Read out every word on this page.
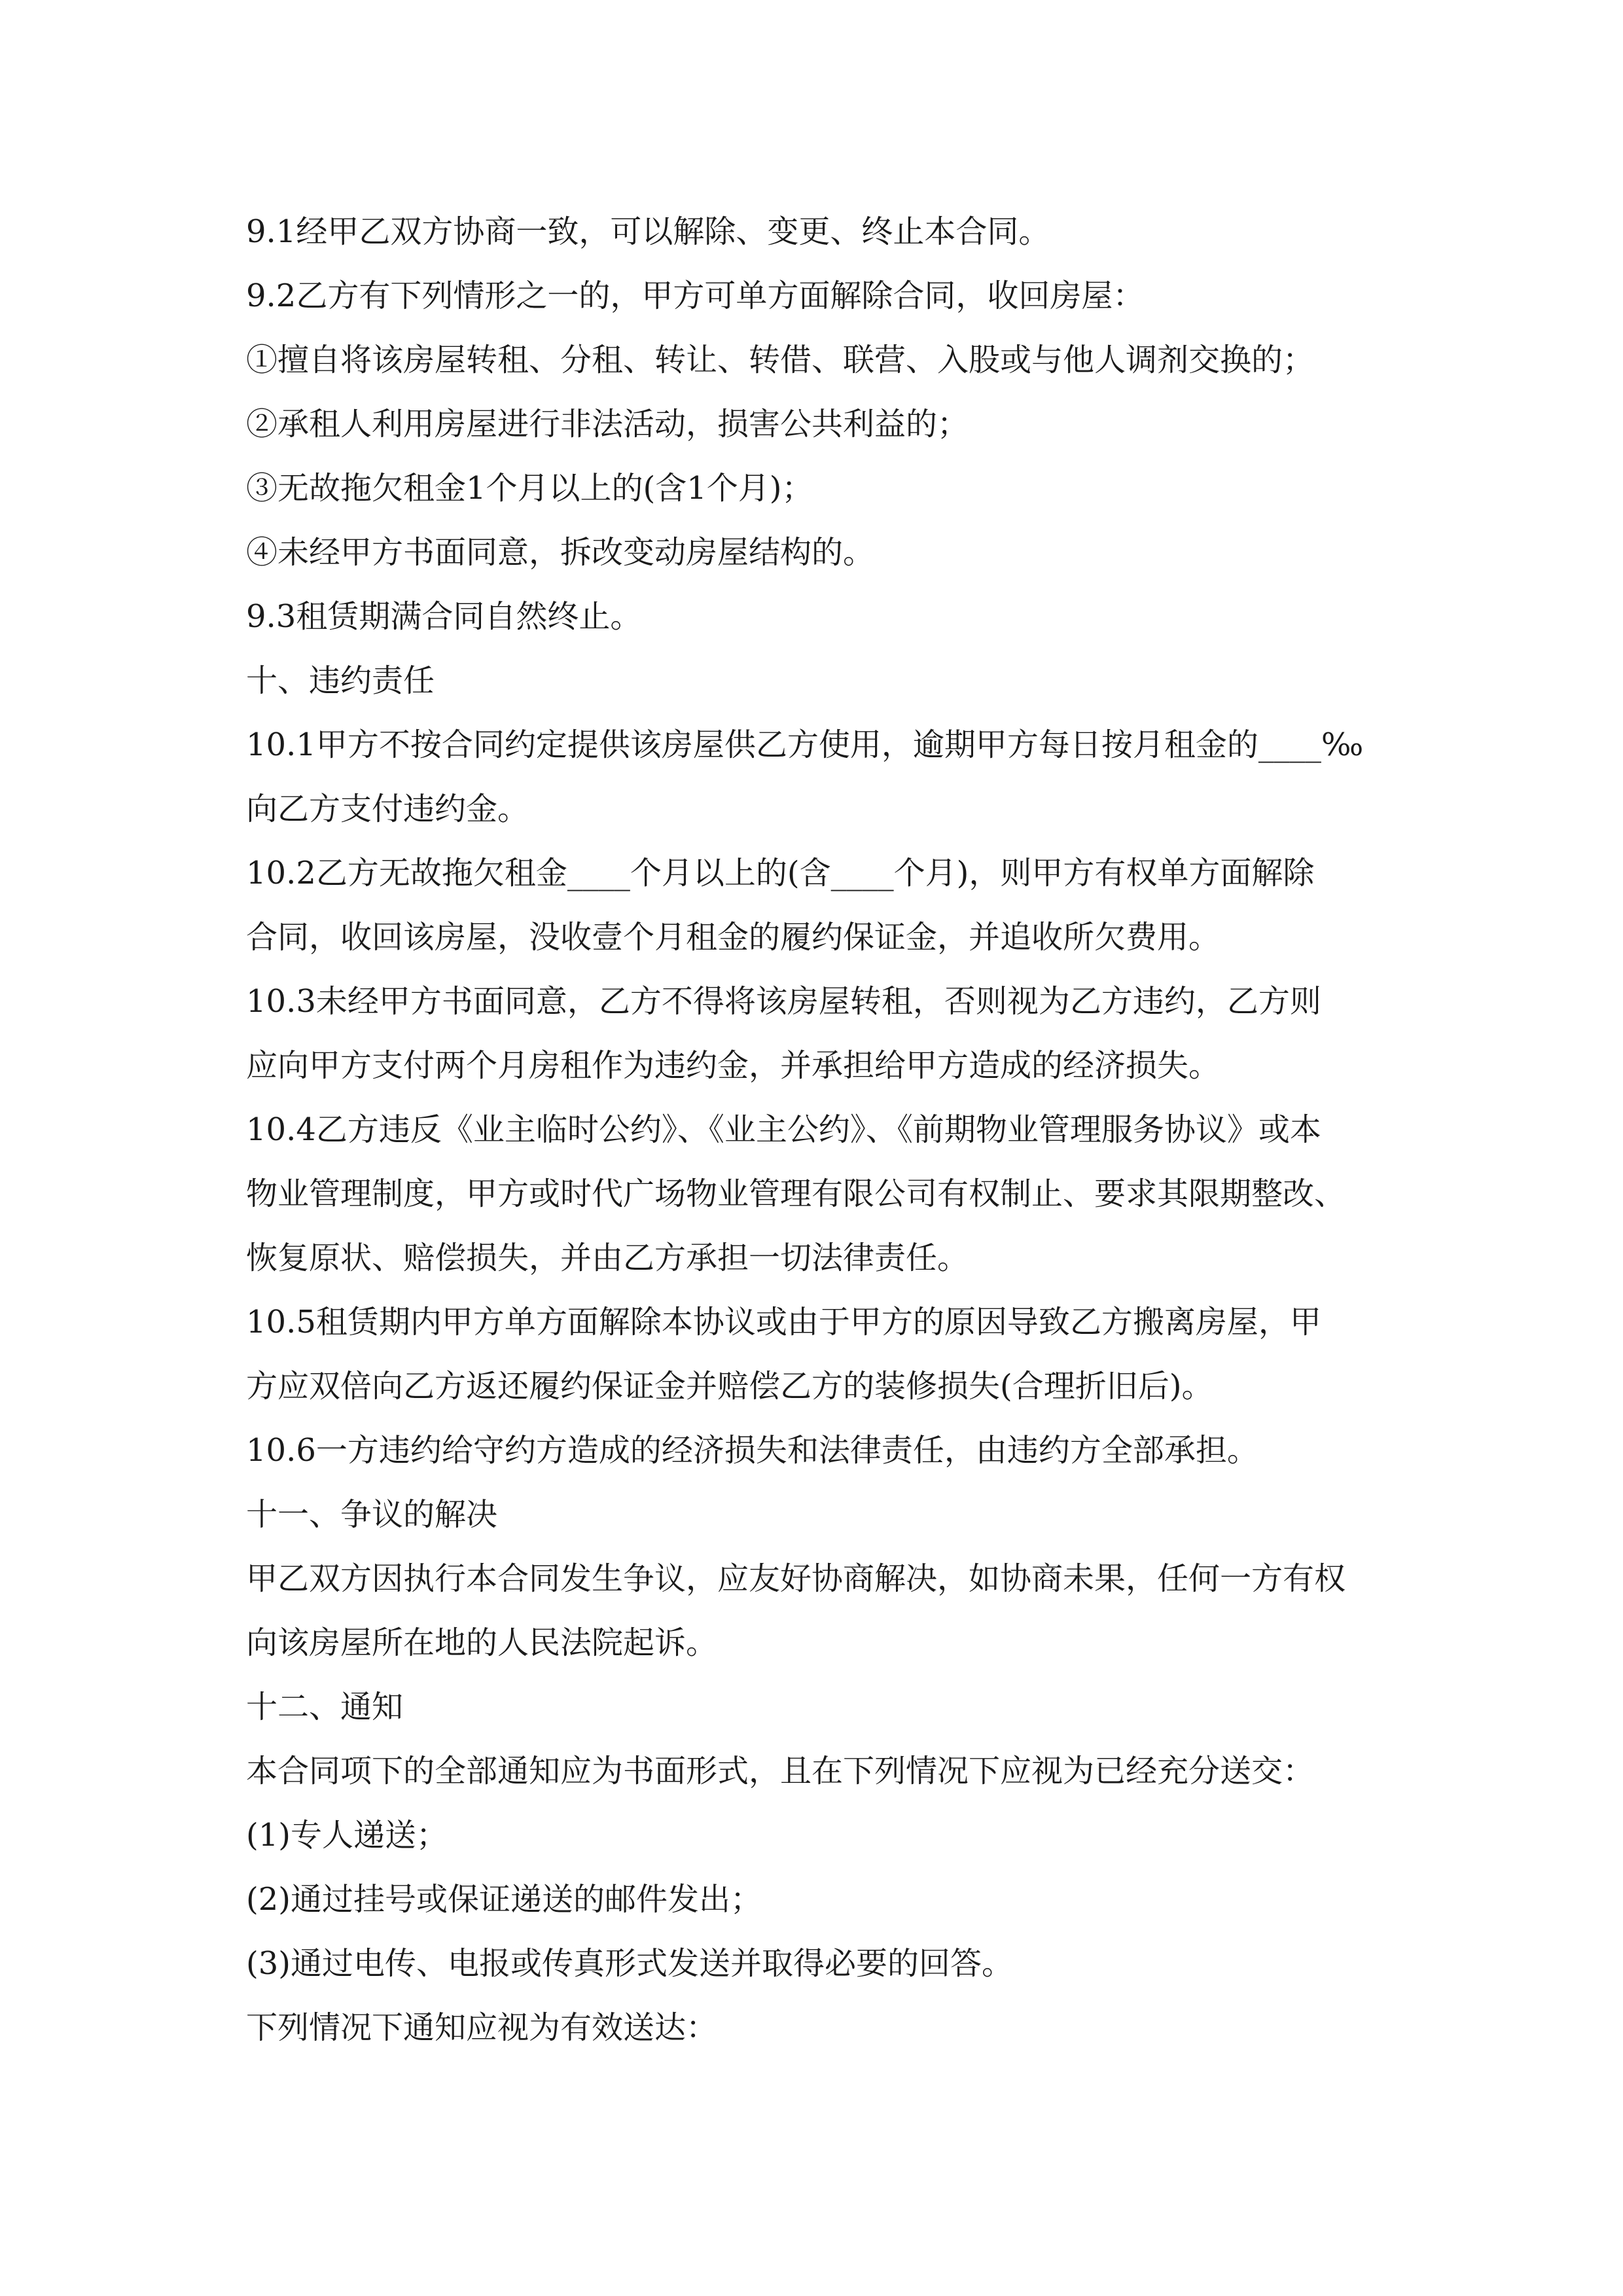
9.1经甲乙双方协商一致，可以解除、变更、终止本合同。

9.2乙方有下列情形之一的，甲方可单方面解除合同，收回房屋：

①擅自将该房屋转租、分租、转让、转借、联营、入股或与他人调剂交换的；

②承租人利用房屋进行非法活动，损害公共利益的；

③无故拖欠租金1个月以上的(含1个月)；

④未经甲方书面同意，拆改变动房屋结构的。

9.3租赁期满合同自然终止。

十、违约责任

10.1甲方不按合同约定提供该房屋供乙方使用，逾期甲方每日按月租金的____‰

向乙方支付违约金。

10.2乙方无故拖欠租金____个月以上的(含____个月)，则甲方有权单方面解除

合同，收回该房屋，没收壹个月租金的履约保证金，并追收所欠费用。

10.3未经甲方书面同意，乙方不得将该房屋转租，否则视为乙方违约，乙方则

应向甲方支付两个月房租作为违约金，并承担给甲方造成的经济损失。

10.4乙方违反《业主临时公约》、《业主公约》、《前期物业管理服务协议》或本

物业管理制度，甲方或时代广场物业管理有限公司有权制止、要求其限期整改、

恢复原状、赔偿损失，并由乙方承担一切法律责任。

10.5租赁期内甲方单方面解除本协议或由于甲方的原因导致乙方搬离房屋，甲

方应双倍向乙方返还履约保证金并赔偿乙方的装修损失(合理折旧后)。

10.6一方违约给守约方造成的经济损失和法律责任，由违约方全部承担。

十一、争议的解决

甲乙双方因执行本合同发生争议，应友好协商解决，如协商未果，任何一方有权

向该房屋所在地的人民法院起诉。

十二、通知

本合同项下的全部通知应为书面形式，且在下列情况下应视为已经充分送交：

(1)专人递送；

(2)通过挂号或保证递送的邮件发出；

(3)通过电传、电报或传真形式发送并取得必要的回答。

下列情况下通知应视为有效送达：
